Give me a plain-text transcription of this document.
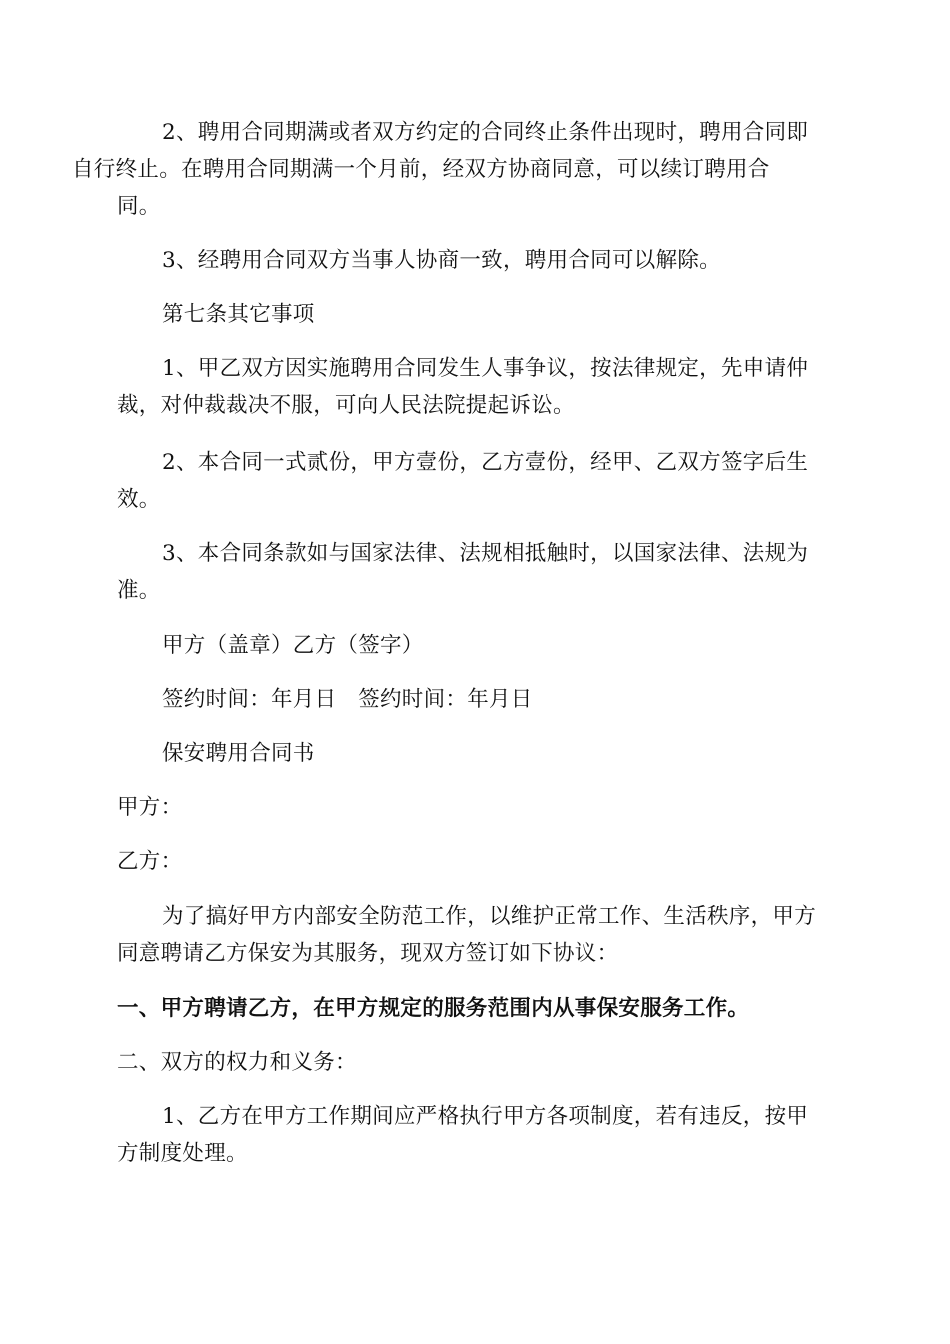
2、聘用合同期满或者双方约定的合同终止条件出现时，聘用合同即
自行终止。在聘用合同期满一个月前，经双方协商同意，可以续订聘用合
同。

3、经聘用合同双方当事人协商一致，聘用合同可以解除。

第七条其它事项

1、甲乙双方因实施聘用合同发生人事争议，按法律规定，先申请仲
裁，对仲裁裁决不服，可向人民法院提起诉讼。

2、本合同一式贰份，甲方壹份，乙方壹份，经甲、乙双方签字后生
效。

3、本合同条款如与国家法律、法规相抵触时，以国家法律、法规为
准。

甲方（盖章）乙方（签字）

签约时间：年月日　签约时间：年月日

保安聘用合同书

甲方：

乙方：

为了搞好甲方内部安全防范工作，以维护正常工作、生活秩序，甲方
同意聘请乙方保安为其服务，现双方签订如下协议：

一、甲方聘请乙方，在甲方规定的服务范围内从事保安服务工作。

二、双方的权力和义务：

1、乙方在甲方工作期间应严格执行甲方各项制度，若有违反，按甲
方制度处理。
